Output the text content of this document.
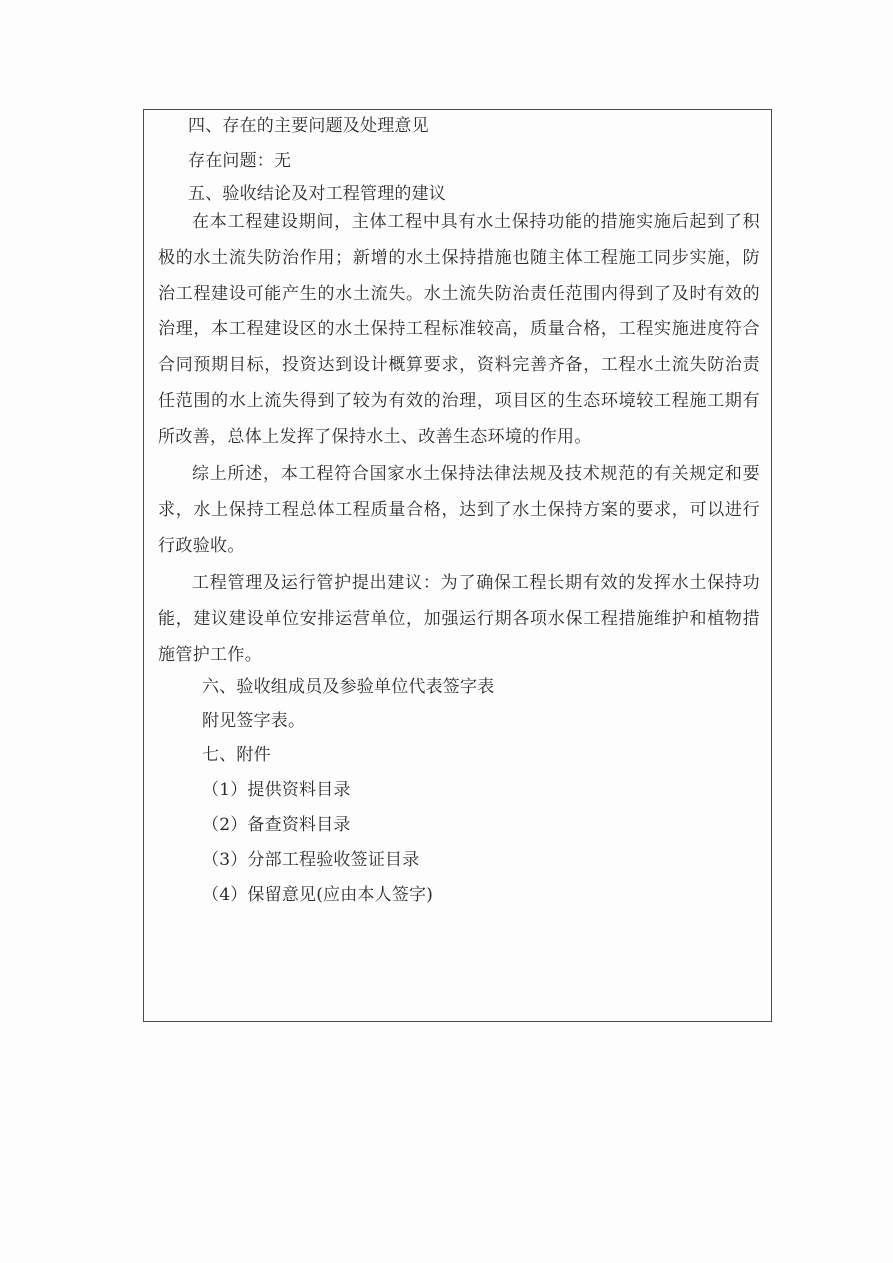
四、存在的主要问题及处理意见
存在问题：无
五、验收结论及对工程管理的建议
在本工程建设期间，主体工程中具有水土保持功能的措施实施后起到了积极的水土流失防治作用；新增的水土保持措施也随主体工程施工同步实施，防治工程建设可能产生的水土流失。水土流失防治责任范围内得到了及时有效的治理，本工程建设区的水土保持工程标准较高，质量合格，工程实施进度符合合同预期目标，投资达到设计概算要求，资料完善齐备，工程水土流失防治责任范围的水上流失得到了较为有效的治理，项目区的生态环境较工程施工期有所改善，总体上发挥了保持水土、改善生态环境的作用。
综上所述，本工程符合国家水土保持法律法规及技术规范的有关规定和要求，水上保持工程总体工程质量合格，达到了水土保持方案的要求，可以进行行政验收。
工程管理及运行管护提出建议：为了确保工程长期有效的发挥水土保持功能，建议建设单位安排运营单位，加强运行期各项水保工程措施维护和植物措施管护工作。
六、验收组成员及参验单位代表签字表
附见签字表。
七、附件
（1）提供资料目录
（2）备查资料目录
（3）分部工程验收签证目录
（4）保留意见(应由本人签字)
